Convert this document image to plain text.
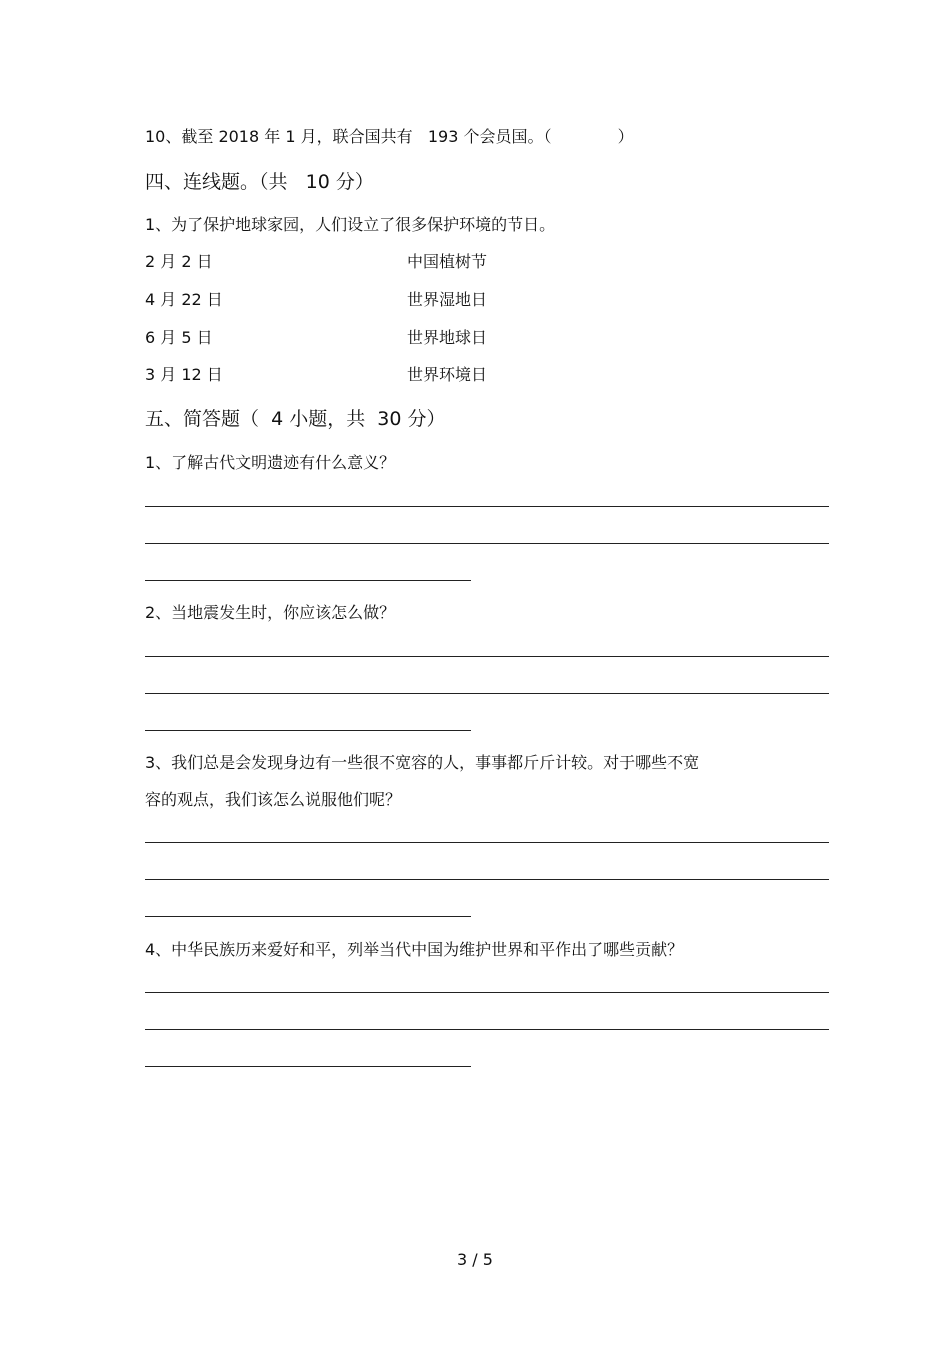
10、截至 2018 年 1 月，联合国共有   193 个会员国。（             ）
四、连线题。（共   10 分）
1、为了保护地球家园，人们设立了很多保护环境的节日。
2 月 2 日	中国植树节
4 月 22 日	世界湿地日
6 月 5 日	世界地球日
3 月 12 日	世界环境日
五、简答题（  4 小题，共  30 分）
1、了解古代文明遗迹有什么意义？
2、当地震发生时，你应该怎么做？
3、我们总是会发现身边有一些很不宽容的人，事事都斤斤计较。对于哪些不宽
容的观点，我们该怎么说服他们呢？
4、中华民族历来爱好和平，列举当代中国为维护世界和平作出了哪些贡献？
3 / 5
